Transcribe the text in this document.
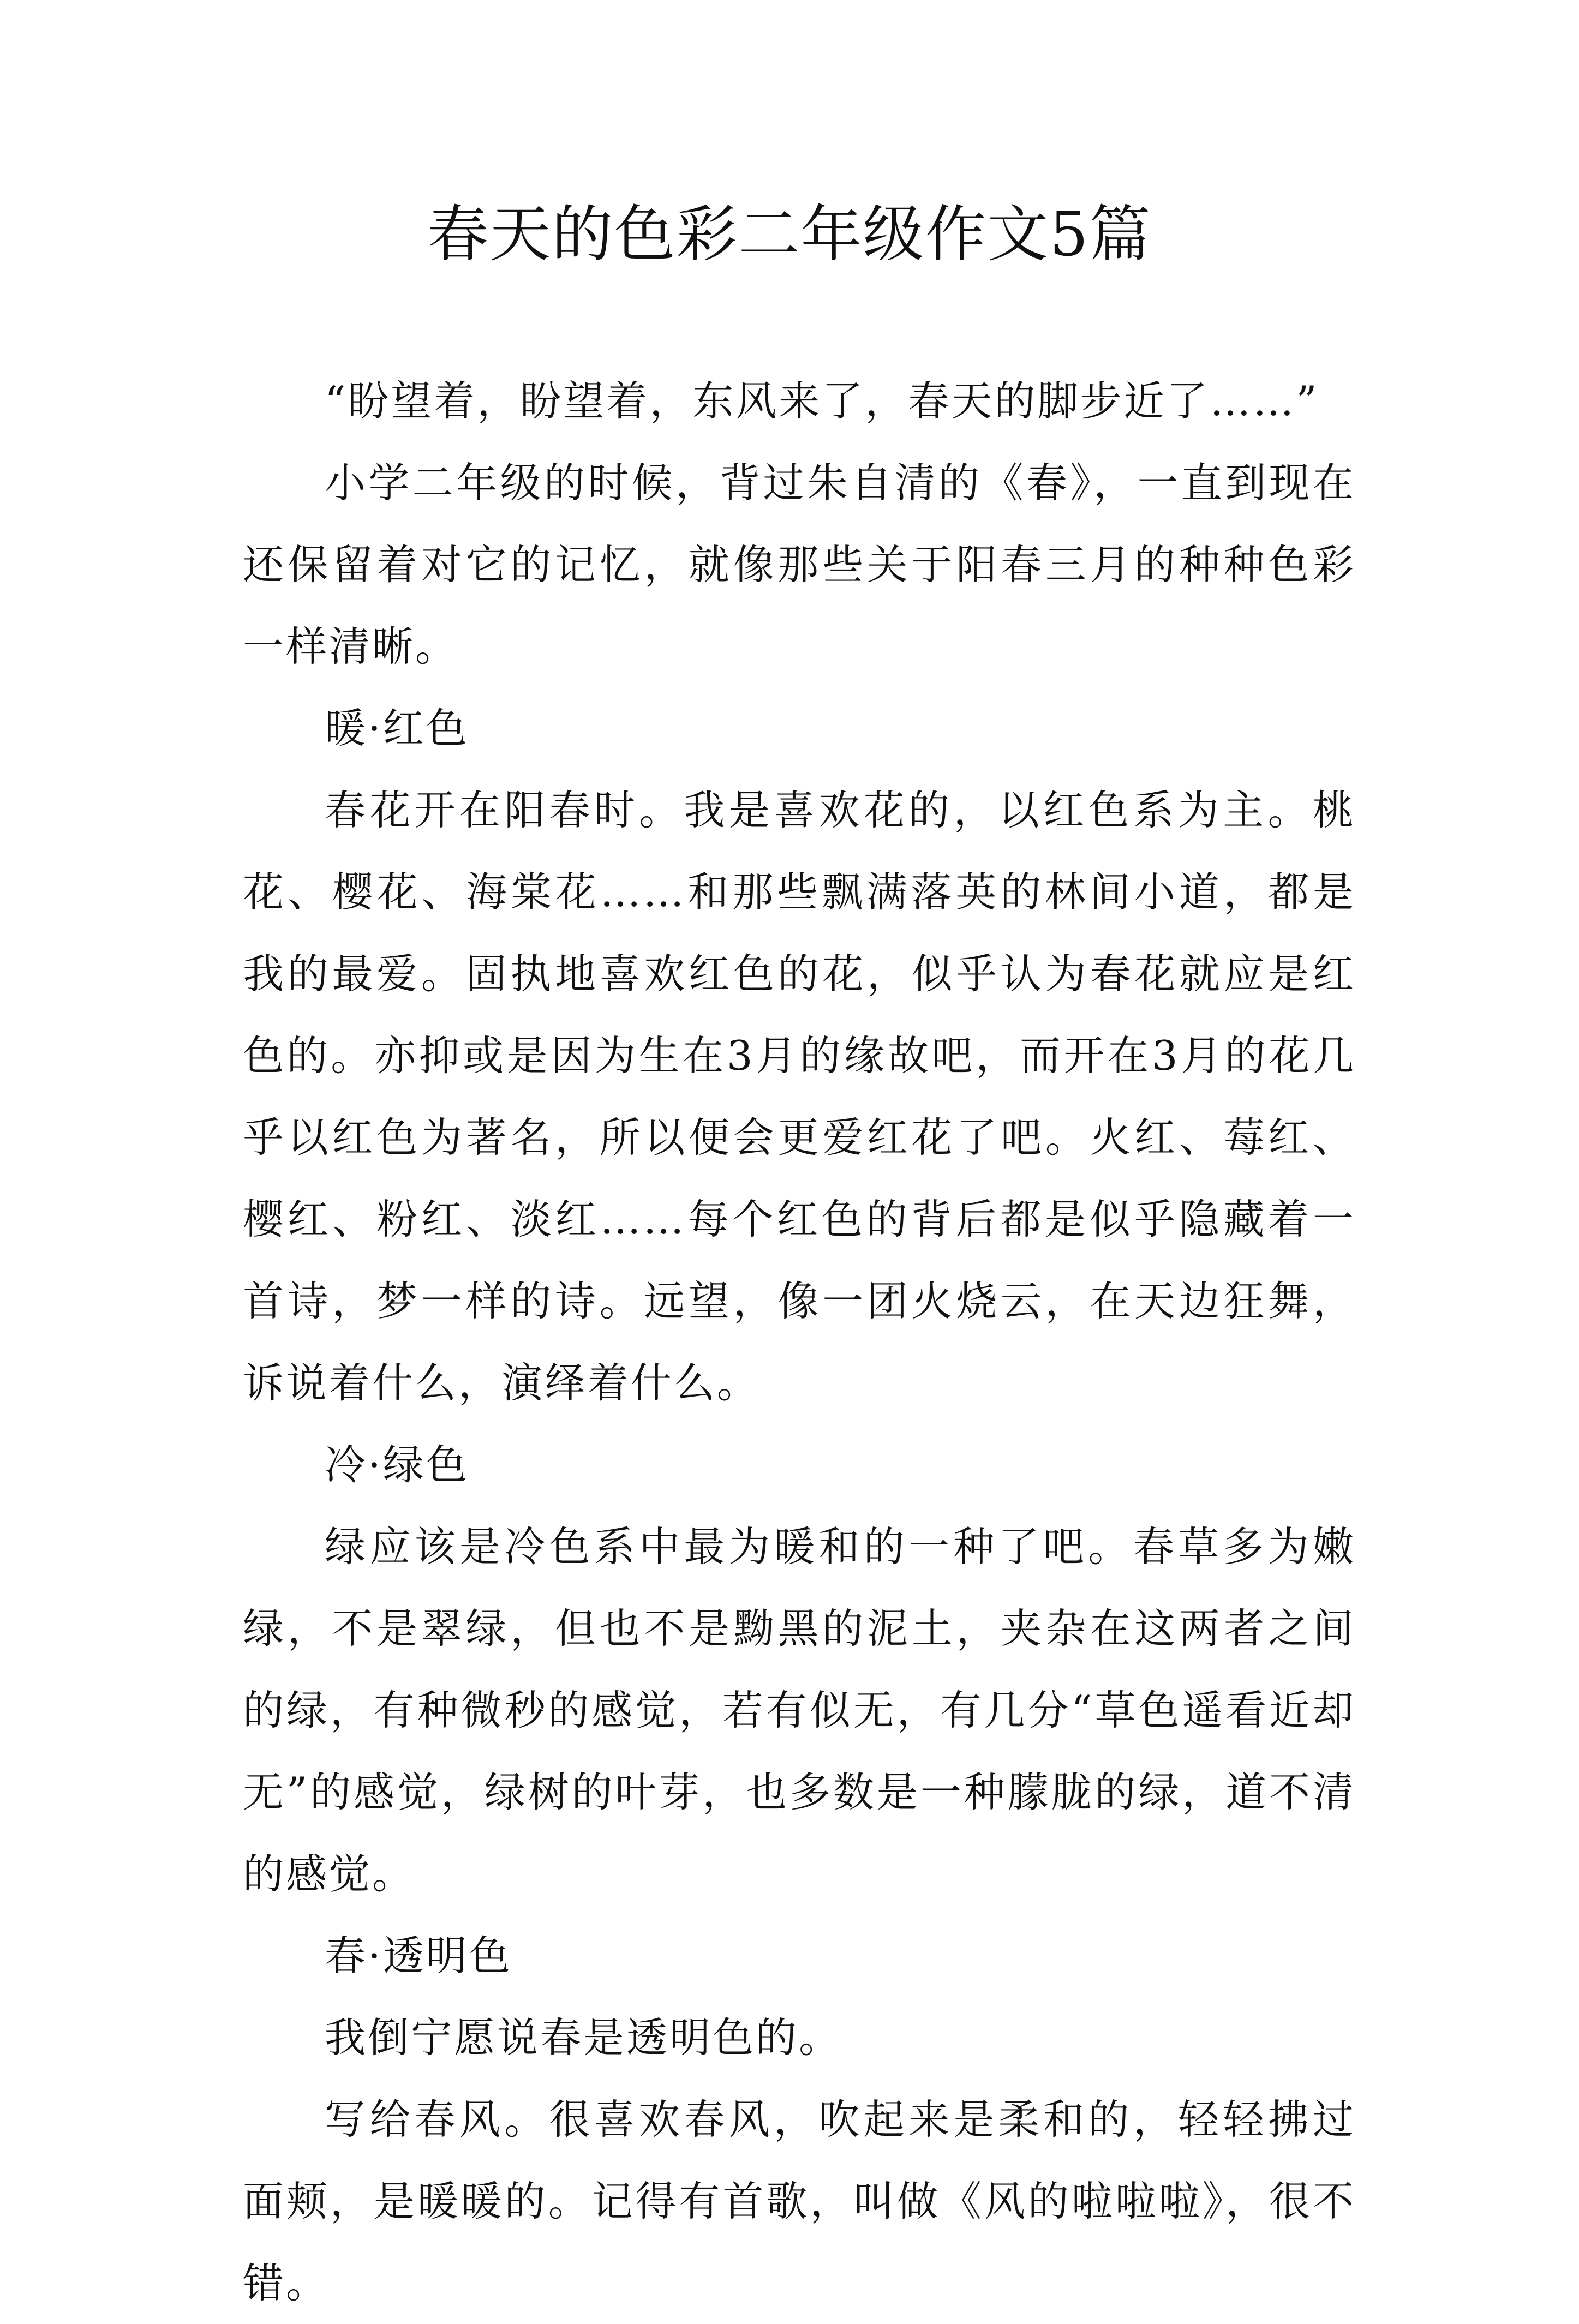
春天的色彩二年级作文5篇

“盼望着，盼望着，东风来了，春天的脚步近了……”

小学二年级的时候，背过朱自清的《春》，一直到现在还保留着对它的记忆，就像那些关于阳春三月的种种色彩一样清晰。

暖·红色

春花开在阳春时。我是喜欢花的，以红色系为主。桃花、樱花、海棠花……和那些飘满落英的林间小道，都是我的最爱。固执地喜欢红色的花，似乎认为春花就应是红色的。亦抑或是因为生在3月的缘故吧，而开在3月的花几乎以红色为著名，所以便会更爱红花了吧。火红、莓红、樱红、粉红、淡红……每个红色的背后都是似乎隐藏着一首诗，梦一样的诗。远望，像一团火烧云，在天边狂舞，诉说着什么，演绎着什么。

冷·绿色

绿应该是冷色系中最为暖和的一种了吧。春草多为嫩绿，不是翠绿，但也不是黝黑的泥土，夹杂在这两者之间的绿，有种微秒的感觉，若有似无，有几分“草色遥看近却无”的感觉，绿树的叶芽，也多数是一种朦胧的绿，道不清的感觉。

春·透明色

我倒宁愿说春是透明色的。

写给春风。很喜欢春风，吹起来是柔和的，轻轻拂过面颊，是暖暖的。记得有首歌，叫做《风的啦啦啦》，很不错。
